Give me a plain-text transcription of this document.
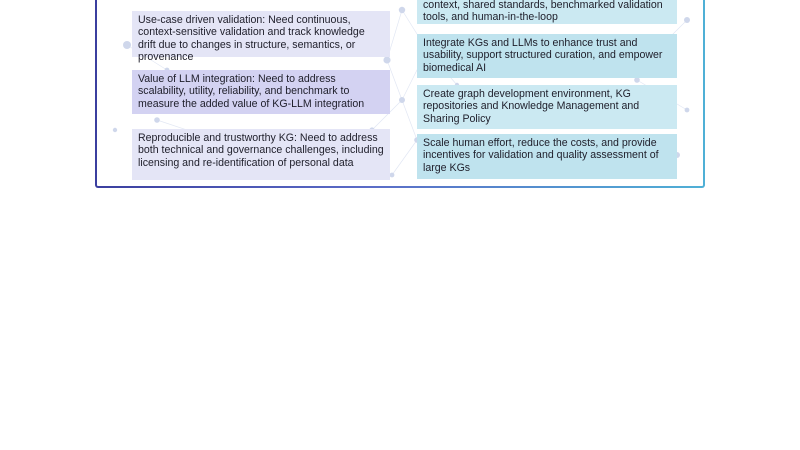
Use-case driven validation: Need continuous, context-sensitive validation and track knowledge drift due to changes in structure, semantics, or provenance
Value of LLM integration: Need to address scalability, utility, reliability, and benchmark to measure the added value of KG-LLM integration
Reproducible and trustworthy KG: Need to address both technical and governance challenges, including licensing and re-identification of personal data
context, shared standards, benchmarked validation tools, and human-in-the-loop
Integrate KGs and LLMs to enhance trust and usability, support structured curation, and empower biomedical AI
Create graph development environment, KG repositories and Knowledge Management and Sharing Policy
Scale human effort, reduce the costs, and provide incentives for validation and quality assessment of large KGs
